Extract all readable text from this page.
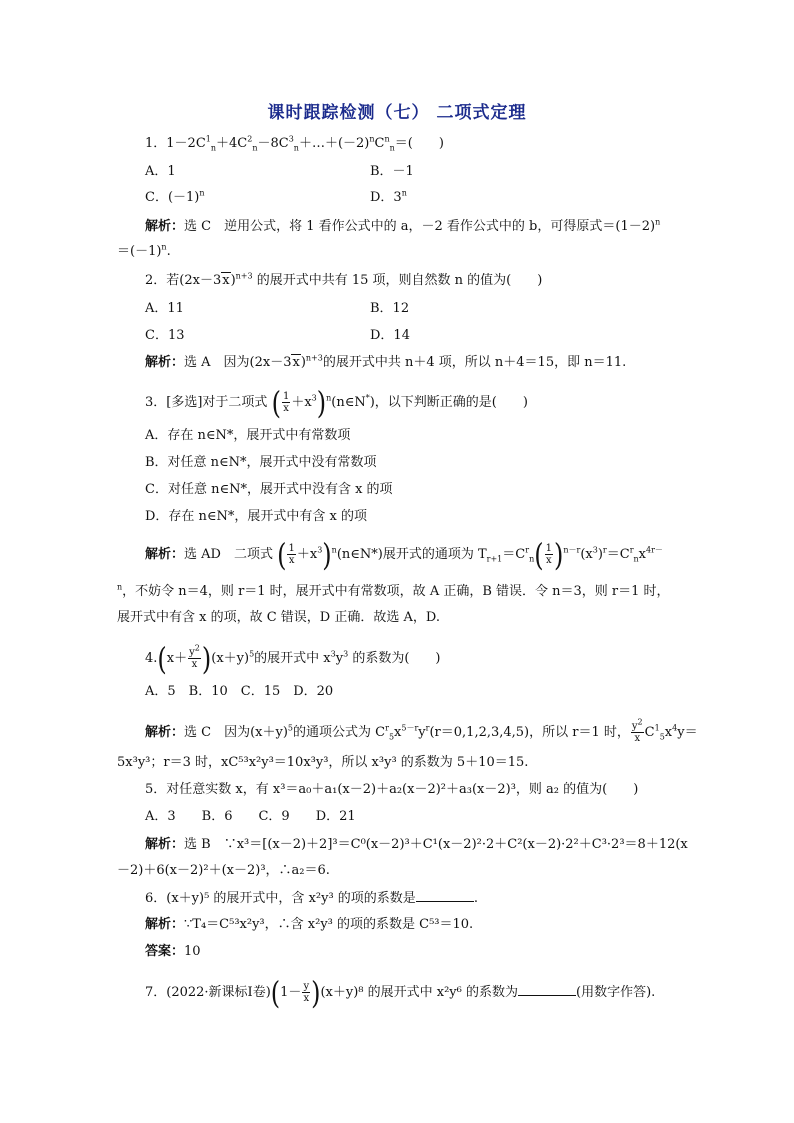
课时跟踪检测（七） 二项式定理
1．$1-2C^1_n+4C^2_n-8C^3_n+\dots+(-2)^nC^n_n=$(　　)
A．1	B．－1
C．$(-1)^n$	D．3$^n$
解析：选 C　逆用公式，将 1 看作公式中的 a，－2 看作公式中的 b，可得原式$=(1-2)^n$
$=(-1)^n$.
2．若$(2x-3x)^{n+3}$ 的展开式中共有 15 项，则自然数 n 的值为(　　)
A．11	B．12
C．13	D．14
解析：选 A　因为$(2x-3x)^{n+3}$的展开式中共 n＋4 项，所以 n＋4＝15，即 n＝11.
3．[多选]对于二项式 ( $\frac{1}{x}$ $+x^3)^n(n\in N^*)$，以下判断正确的是(　　)
A．存在 n∈N*，展开式中有常数项
B．对任意 n∈N*，展开式中没有常数项
C．对任意 n∈N*，展开式中没有含 x 的项
D．存在 n∈N*，展开式中有含 x 的项
解析：选 AD　二项式 ( $\frac{1}{x}$ $+x^3)^n(n\in N*)$展开式的通项为 $T_{r+1}=C^r_n( \frac{1}{x} )^{n-r}(x^3)^r=C^r_nx^{4r-}$
$^n$，不妨令 n＝4，则 r＝1 时，展开式中有常数项，故 A 正确，B 错误．令 n＝3，则 r＝1 时，
展开式中有含 x 的项，故 C 错误，D 正确．故选 A，D.
$4.(x+ \frac{y^2}{x} )(x+y)^5$的展开式中 $x^3y^3$ 的系数为(　　)
A．5　B．10　C．15　D．20
解析：选 C　因为$(x+y)^5$的通项公式为 $C^r_5x^{5-r}y^r(r=0,1,2,3,4,5)$，所以 r＝1 时， $\frac{y^2}{x} C^1_5x^4y=$
5x³y³；r＝3 时，xC⁵³x²y³＝10x³y³，所以 x³y³ 的系数为 5＋10＝15.
5．对任意实数 x，有 x³＝a₀＋a₁(x－2)＋a₂(x－2)²＋a₃(x－2)³，则 a₂ 的值为(　　)
A．3　　B．6　　C．9　　D．21
解析：选 B　∵x³＝[(x－2)＋2]³＝C⁰(x－2)³＋C¹(x－2)²·2＋C²(x－2)·2²＋C³·2³＝8＋12(x
－2)＋6(x－2)²＋(x－2)³，∴a₂＝6.
6．(x＋y)⁵ 的展开式中，含 x²y³ 的项的系数是	.
解析：∵T₄＝C⁵³x²y³，∴含 x²y³ 的项的系数是 C⁵³＝10.
答案：10
7．(2022·新课标Ⅰ卷)$(1- \frac{y}{x} )(x+y)^8$ 的展开式中 x²y⁶ 的系数为	(用数字作答).
